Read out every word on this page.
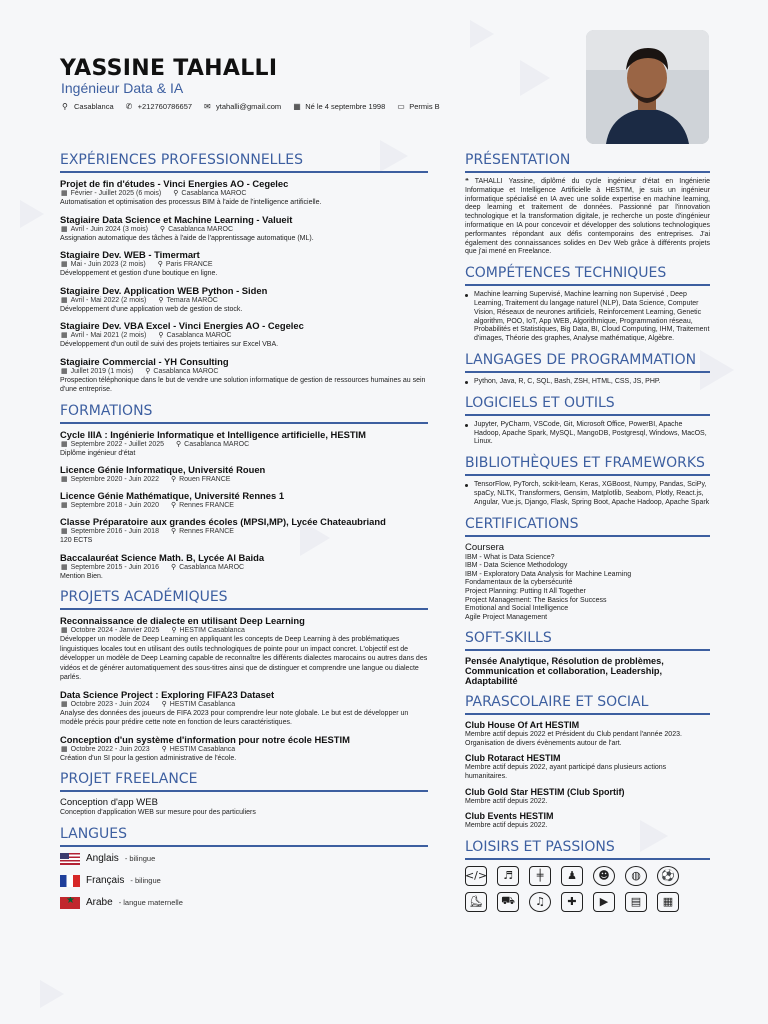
YASSINE TAHALLI
Ingénieur Data & IA
⚲ Casablanca ✆ +212760786657 ✉ ytahalli@gmail.com ▦ Né le 4 septembre 1998 ▭ Permis B
EXPÉRIENCES PROFESSIONNELLES
Projet de fin d'études - Vinci Energies AO - Cegelec
▦ Février - Juillet 2025 (6 mois) ⚲ Casablanca MAROC
Automatisation et optimisation des processus BIM à l'aide de l'intelligence artificielle.
Stagiaire Data Science et Machine Learning - Valueit
▦ Avril - Juin 2024 (3 mois) ⚲ Casablanca MAROC
Assignation automatique des tâches à l'aide de l'apprentissage automatique (ML).
Stagiaire Dev. WEB - Timermart
▦ Mai - Juin 2023 (2 mois) ⚲ Paris FRANCE
Développement et gestion d'une boutique en ligne.
Stagiaire Dev. Application WEB Python - Siden
▦ Avril - Mai 2022 (2 mois) ⚲ Temara MAROC
Développement d'une application web de gestion de stock.
Stagiaire Dev. VBA Excel - Vinci Energies AO - Cegelec
▦ Avril - Mai 2021 (2 mois) ⚲ Casablanca MAROC
Développement d'un outil de suivi des projets tertiaires sur Excel VBA.
Stagiaire Commercial - YH Consulting
▦ Juillet 2019 (1 mois) ⚲ Casablanca MAROC
Prospection téléphonique dans le but de vendre une solution informatique de gestion de ressources humaines au sein d'une entreprise.
FORMATIONS
Cycle IIIA : Ingénierie Informatique et Intelligence artificielle, HESTIM
▦ Septembre 2022 - Juillet 2025 ⚲ Casablanca MAROC
Diplôme ingénieur d'état
Licence Génie Informatique, Université Rouen
▦ Septembre 2020 - Juin 2022 ⚲ Rouen FRANCE
Licence Génie Mathématique, Université Rennes 1
▦ Septembre 2018 - Juin 2020 ⚲ Rennes FRANCE
Classe Préparatoire aux grandes écoles (MPSI,MP), Lycée Chateaubriand
▦ Septembre 2016 - Juin 2018 ⚲ Rennes FRANCE
120 ECTS
Baccalauréat Science Math. B, Lycée Al Baida
▦ Septembre 2015 - Juin 2016 ⚲ Casablanca MAROC
Mention Bien.
PROJETS ACADÉMIQUES
Reconnaissance de dialecte en utilisant Deep Learning
▦ Octobre 2024 - Janvier 2025 ⚲ HESTIM Casablanca
Développer un modèle de Deep Learning en appliquant les concepts de Deep Learning à des problématiques linguistiques locales tout en utilisant des outils technologiques de pointe pour un impact concret. L'objectif est de développer un modèle de Deep Learning capable de reconnaître les différents dialectes marocains ou autres dans des vidéos et de générer automatiquement des sous-titres ainsi que de distinguer et comprendre une langue ou dialecte parlés.
Data Science Project : Exploring FIFA23 Dataset
▦ Octobre 2023 - Juin 2024 ⚲ HESTIM Casablanca
Analyse des données des joueurs de FIFA 2023 pour comprendre leur note globale. Le but est de développer un modèle précis pour prédire cette note en fonction de leurs caractéristiques.
Conception d'un système d'information pour notre école HESTIM
▦ Octobre 2022 - Juin 2023 ⚲ HESTIM Casablanca
Création d'un SI pour la gestion administrative de l'école.
PROJET FREELANCE
Conception d'app WEB
Conception d'application WEB sur mesure pour des particuliers
LANGUES
Anglais - bilingue
Français - bilingue
★
Arabe - langue maternelle
PRÉSENTATION
❝ TAHALLI Yassine, diplômé du cycle ingénieur d'état en Ingénierie Informatique et Intelligence Artificielle à HESTIM, je suis un ingénieur informatique spécialisé en IA avec une solide expertise en machine learning, deep learning et traitement de données. Passionné par l'innovation technologique et la transformation digitale, je recherche un poste d'ingénieur informatique en IA pour concevoir et développer des solutions technologiques performantes répondant aux défis contemporains des entreprises. J'ai également des connaissances solides en Dev Web grâce à différents projets que j'ai mené en Freelance.
COMPÉTENCES TECHNIQUES
Machine learning Supervisé, Machine learning non Supervisé , Deep Learning, Traitement du langage naturel (NLP), Data Science, Computer Vision, Réseaux de neurones artificiels, Reinforcement Learning, Genetic algorithm, POO, IoT, App WEB, Algorithmique, Programmation réseau, Probabilités et Statistiques, Big Data, BI, Cloud Computing, IHM, Traitement d'images, Théorie des graphes, Analyse mathématique, Algèbre.
LANGAGES DE PROGRAMMATION
Python, Java, R, C, SQL, Bash, ZSH, HTML, CSS, JS, PHP.
LOGICIELS ET OUTILS
Jupyter, PyCharm, VSCode, Git, Microsoft Office, PowerBI, Apache Hadoop, Apache Spark, MySQL, MangoDB, Postgresql, Windows, MacOS, Linux.
BIBLIOTHÈQUES ET FRAMEWORKS
TensorFlow, PyTorch, scikit-learn, Keras, XGBoost, Numpy, Pandas, SciPy, spaCy, NLTK, Transformers, Gensim, Matplotlib, Seaborn, Plotly, React.js, Angular, Vue.js, Django, Flask, Spring Boot, Apache Hadoop, Apache Spark
CERTIFICATIONS
Coursera
IBM - What is Data Science?
IBM - Data Science Methodology
IBM - Exploratory Data Analysis for Machine Learning
Fondamentaux de la cybersécurité
Project Planning: Putting It All Together
Project Management: The Basics for Success
Emotional and Social Intelligence
Agile Project Management
SOFT-SKILLS
Pensée Analytique, Résolution de problèmes, Communication et collaboration, Leadership, Adaptabilité
PARASCOLAIRE ET SOCIAL
Club House Of Art HESTIM
Membre actif depuis 2022 et Président du Club pendant l'année 2023. Organisation de divers évènements autour de l'art.
Club Rotaract HESTIM
Membre actif depuis 2022, ayant participé dans plusieurs actions humanitaires.
Club Gold Star HESTIM (Club Sportif)
Membre actif depuis 2022.
Club Events HESTIM
Membre actif depuis 2022.
LOISIRS ET PASSIONS
</>	♬	╪	♟	☻	◍	⚽
⛸	⛟	♫	✚	▶	▤	▦
